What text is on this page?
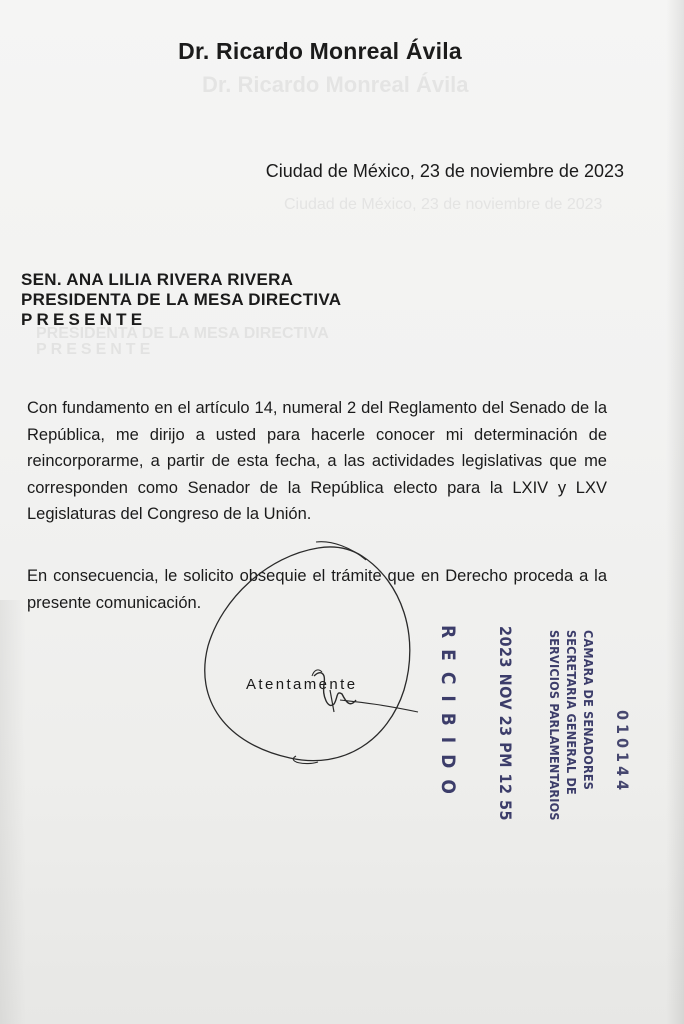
Dr. Ricardo Monreal Ávila
Ciudad de México, 23 de noviembre de 2023
PRESIDENTA DE LA MESA DIRECTIVA
PRESENTE
Dr. Ricardo Monreal Ávila
Ciudad de México, 23 de noviembre de 2023
SEN. ANA LILIA RIVERA RIVERA
PRESIDENTA DE LA MESA DIRECTIVA
PRESENTE
Con fundamento en el artículo 14, numeral 2 del Reglamento del Senado de la República, me dirijo a usted para hacerle conocer mi determinación de reincorporarme, a partir de esta fecha, a las actividades legislativas que me corresponden como Senador de la República electo para la LXIV y LXV Legislaturas del Congreso de la Unión.
En consecuencia, le solicito obsequie el trámite que en Derecho proceda a la presente comunicación.
Atentamente	RECIBIDO 2023 NOV 23 PM 12 55	CAMARA DE SENADORES
SECRETARIA GENERAL DE
SERVICIOS PARLAMENTARIOS	010144
